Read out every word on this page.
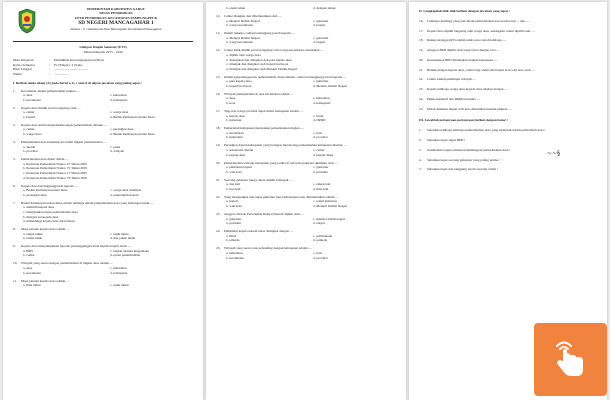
PEMERINTAH KABUPATEN GARUT
DINAS PENDIDIKAN
UPTD PENDIDIKAN KECAMATAN PAMEUNGPEUK
SD NEGERI MANCAGAHAR 1
Alamat : Jl. Cikalamerak Desa Mancagahar Kecamatan Pameungpeuk
Ulangan Tengah Semester (UTS)
Tahun Pelajaran 2015 – 2016
Mata Pelajaran	:	Pendidikan Kewarganegaraan (PKn)
Kelas/ Semester	:	IV (Empat) / I (Satu)
Hari/ Tanggal	:	........................................
Waktu	:	.................
I. Berilah tanda silang (X) pada huruf a, b, c atau d di depan jawaban yang paling tepat !
1.	Kecamatan adalah pemerintahan tingkat ....
a. desa	c. kelurahan
b. kecamatan	d. kabupaten
2.	Kepala desa dipilih secara langsung oleh ....
a. camat	c. warga desa
b. bupati	d. Badan Permusyawaratan Desa
3.	Kepala desa dalam menjalankan tugas pemerintahan dibantu ....
a. camat	c. perangkat desa
b. warga desa	d. Badan Permusyawaratan Desa
4.	Pemerintahan desa termasuk ke dalam tingkat pemerintahan ....
a. daerah	c. pusat
b. provinsi	d. wilayah
5.	Pemerintahan desa diatur dalam ....
a. Peraturan Pemerintah Nomor 27 Tahun 2005
b. Peraturan Pemerintah Nomor 72 Tahun 2005
c. Peraturan Pemerintah Nomor 17 Tahun 2005
d. Peraturan Pemerintah Nomor 70 Tahun 2005
6.	Kepala desa bertanggungjawab kepada ....
a. Badan Permusyawaratan Desa	c. warga desa setempat
b. perangkat desa	d. pemerintah daerah
7.	Badan Permusyawaratan Desa adalah lembaga dalam pemerintahan desa yang berfungsi untuk ....
a. memilih kepala desa
c. menjalankan tugas pemerintahan desa
b. mengawasi kepala desa
d. melindungi kepala desa dari bahaya
8.	Masa jabatan kepala desa adalah ....
a. empat tahun	c. tujuh tahun
b. enam tahun	d. dua puluh tahun
9.	Kepala desa menyampaikan laporan pertanggungjawaban kepada bupati lewat ....
a. BPD	c. bagian tatanan keagamaan
b. camat	d. peran pemerintahan
10.	Wilayah yang setara dengan pemerintahan di tingkat desa adalah ....
a. desa	c. kelurahan
b. kecamatan	d. kabupaten
11.	Masa jabatan kepala desa adalah ....
a. lima tahun	c. tujuh tahun
b. enam tahun	d. delapan tahun
12.	Camat diangkat dan diberhentikan oleh ....
a. Menteri Dalam Negeri	c. gubernur
b. warga kecamatan	d. bupati
13.	Dalam bekerja, camat bertanggung jawab kepada ....
a. Menteri Dalam Negeri	c. gubernur
b. warga kecamatan	d. bupati
14.	Camat tidak dipilih secara langsung oleh warga kecamatan, melainkan ....
a. dipilih oleh warga desa
b. ditetapkan dan diangkat oleh para kepala desa
c. ditunjuk dan diangkat oleh bupati/wali kota
d. ditunjuk dan diangkat oleh Menteri Dalam Negeri
15.	Dalam penyelenggaraan pemerintahan di kecamatan, camat bertanggung jawab kepada ....
a. para kepala desa	c. gubernur
b. bupati/wali kota	d. Menteri Dalam Negeri
16.	Wilayah pemerintahan di atas kecamatan adalah ....
a. desa	c. kelurahan
b. kota	d. kabupaten
17.	Tiap-tiap warga provinsi dapat diatur kabupaten adalah ....
a. kepala desa	c. lurah
b. gubernur	d. DPRD
18.	Pemerintah kabupaten merupakan pemerintahan tingkat ....
a. kecamatan	c. kota
b. kelurahan	d. provinsi
19.	Perangkat daerah kabupaten yang bertugas merancang pemerintahan kabupaten disebut ....
a. sekretariat daerah	c. camat
b. kepala desa	d. kepala dinas
20.	Pemerintahan wilayah kabupaten yang terdiri di wilayah pedesaan dipimpin oleh ....
a. pembantu bupati	c. gubernur
b. wali kota	d. presiden
21.	Seorang gubernur hanya dapat dipilih sebanyak ....
a. dua kali	c. empat kali
b. tiga kali	d. lima kali
22.	Yang mengangkat dan tugas gubernur jika berhalangan atau diberhentikan adalah ....
a. bupati	c. wakil gubernur
b. wali kota	d. Menteri Dalam Negeri
23.	Anggota Dewan Perwakilan Rakyat Daerah dipilih oleh ....
a. gubernur	c. menteri dalam negeri
b. presiden	d. rakyat
24.	Pemilihan kepala daerah biasa disingkat dengan ....
a. PKD	c. pemilukada
b. pilkada	d. pulkada
25.	Wilayah yang setara atau sebanding dengan kabupaten adalah ....
a. kelurahan	c. kota
b. kecamatan	d. provinsi
II. Lengkapilah titik-titik berikut dengan jawaban yang tepat !
16.	Lembaga-lembaga yang ada dalam pemerintahan desa terdiri atas ... dan ....
17.	Kepala desa dipilih langsung oleh warga desa, sedangkan camat dipilih oleh ....
18.	Rukun tetangga (RT) adalah salah satu contoh lembaga ....
19.	Anggota BPD dipilih oleh warga desa dengan cara ....
20.	Kesepakatan BPD dituangkan dengan keputusan ....
21.	Bentuk dengan kepala desa, camat bagi wakil dan bupati atau wali kota oleh ....
22.	Camat adalah pemimpin wilayah ....
23.	Kepala lembaga warga desa kepada desa disebut dengan ....
24.	Pihak eksekutif dan DPRD bersama ....
25.	Istilah dinaikan bupati wali kota dihasilkan melalui pilkada ....
III. Jawablah pertanyaan-pertanyaan berikut dengan benar !
1.	Sebutkan lembaga-lembaga pemerintahan desa yang termasuk dalam pemerintah desa !
2.	Sebutkan tugas-tugas BPD !
3.	Gambarkan bagan susunan kelembagaan pemerintahan desa !
4.	Sebutkan tugas seorang gubernur yang paling utama !
5.	Sebutkan tugas dan tanggung jawab seorang camat !
~~§
